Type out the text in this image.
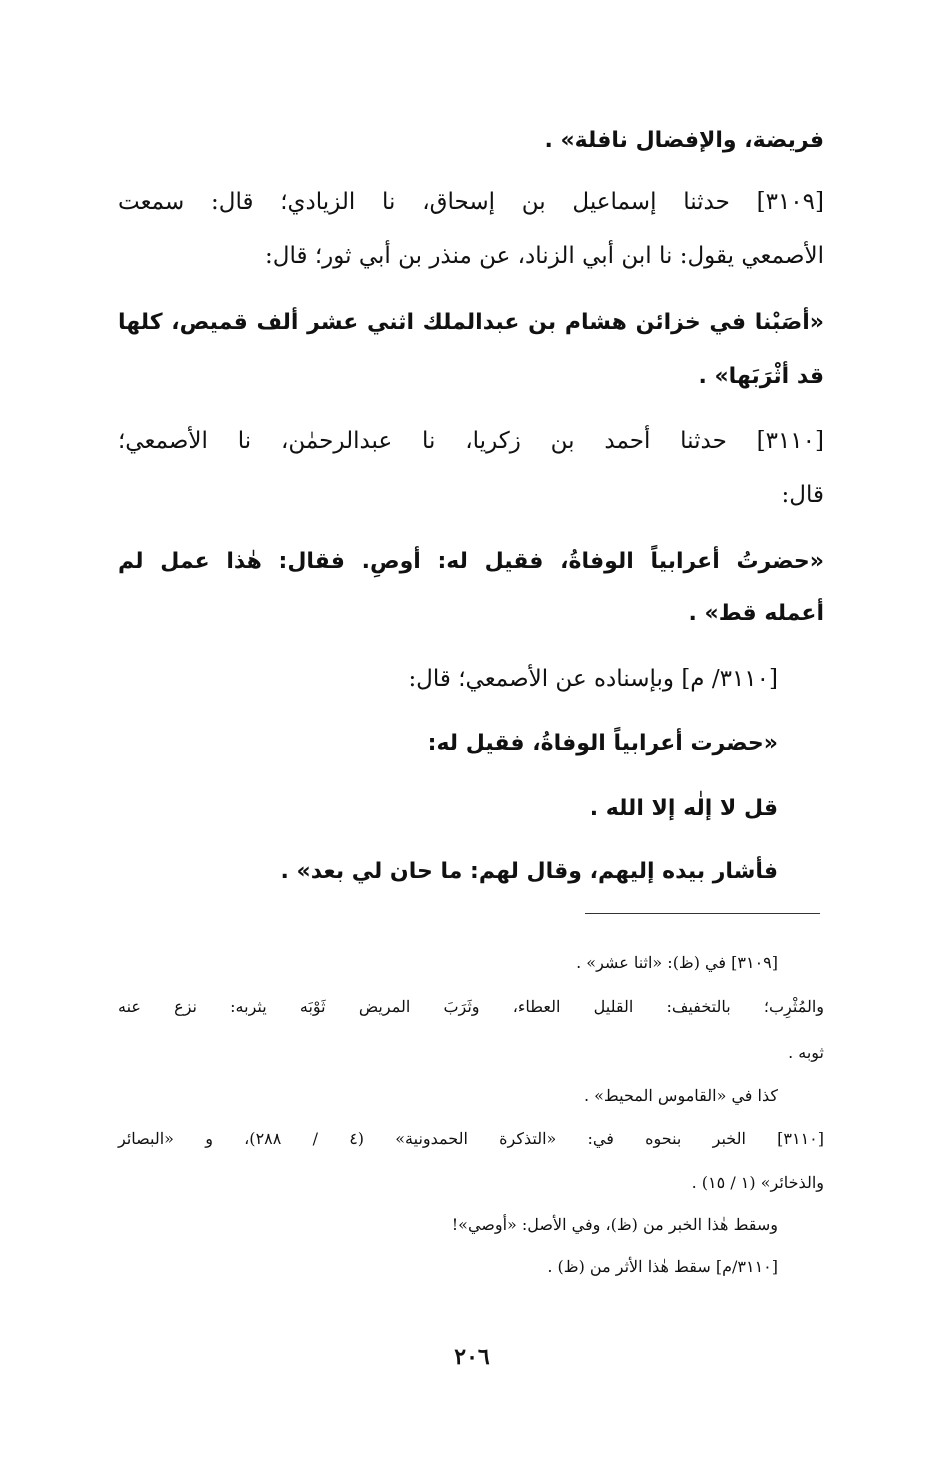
فريضة، والإفضال نافلة» .
[٣١٠٩] حدثنا إسماعيل بن إسحاق، نا الزيادي؛ قال: سمعت
الأصمعي يقول: نا ابن أبي الزناد، عن منذر بن أبي ثور؛ قال:
«أصَبْنا في خزائن هشام بن عبدالملك اثني عشر ألف قميص، كلها
قد أثْرَبَها» .
[٣١١٠] حدثنا أحمد بن زكريا، نا عبدالرحمٰن، نا الأصمعي؛
قال:
«حضرتُ أعرابياً الوفاةُ، فقيل له: أوصِ. فقال: هٰذا عمل لم
أعمله قط» .
[٣١١٠/ م] وبإسناده عن الأصمعي؛ قال:
«حضرت أعرابياً الوفاةُ، فقيل له:
قل لا إلٰه إلا الله .
فأشار بيده إليهم، وقال لهم: ما حان لي بعد» .
[٣١٠٩] في (ظ): «اثنا عشر» .
والمُثْرِب؛ بالتخفيف: القليل العطاء، وثَرَبَ المريض ثَوْبَه يثربه: نزع عنه
ثوبه .
كذا في «القاموس المحيط» .
[٣١١٠] الخبر بنحوه في: «التذكرة الحمدونية» (٤ / ٢٨٨)، و «البصائر
والذخائر» (١ / ١٥) .
وسقط هٰذا الخبر من (ظ)، وفي الأصل: «أوصي»!
[٣١١٠/م] سقط هٰذا الأثر من (ظ) .
٢٠٦
